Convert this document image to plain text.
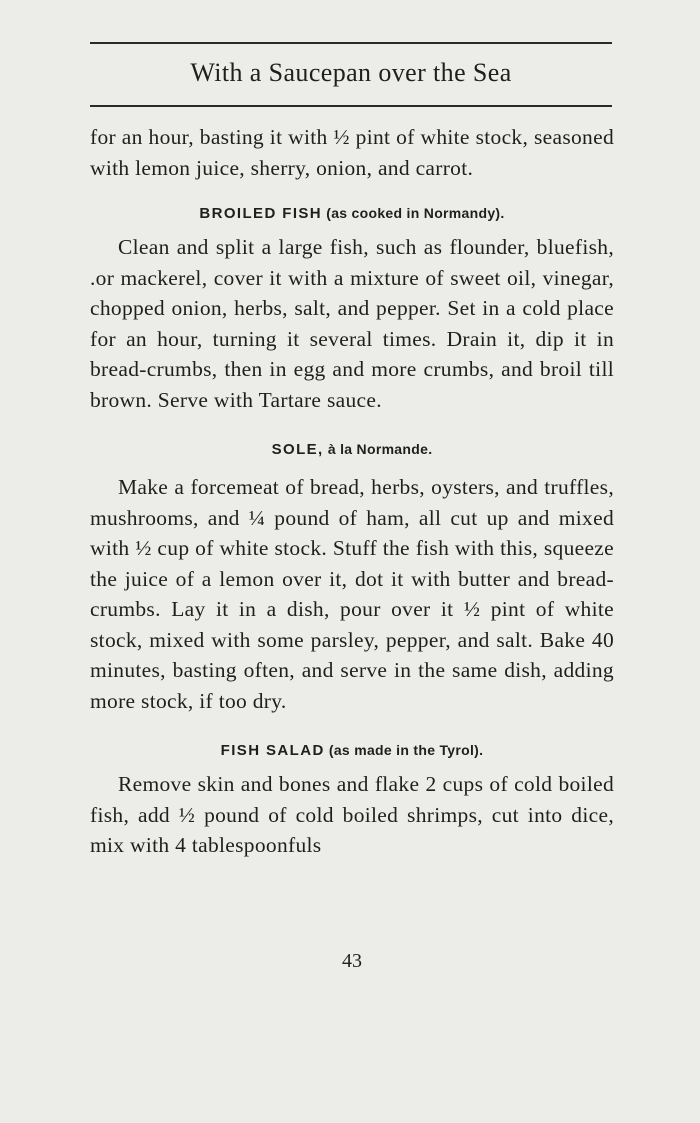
With a Saucepan over the Sea

for an hour, basting it with ½ pint of white stock, seasoned with lemon juice, sherry, onion, and carrot.

BROILED FISH (as cooked in Normandy).

Clean and split a large fish, such as flounder, bluefish, .or mackerel, cover it with a mixture of sweet oil, vinegar, chopped onion, herbs, salt, and pepper. Set in a cold place for an hour, turning it several times. Drain it, dip it in bread-crumbs, then in egg and more crumbs, and broil till brown. Serve with Tartare sauce.

SOLE, à la Normande.

Make a forcemeat of bread, herbs, oysters, and truffles, mushrooms, and ¼ pound of ham, all cut up and mixed with ½ cup of white stock. Stuff the fish with this, squeeze the juice of a lemon over it, dot it with butter and bread-crumbs. Lay it in a dish, pour over it ½ pint of white stock, mixed with some parsley, pepper, and salt. Bake 40 minutes, basting often, and serve in the same dish, adding more stock, if too dry.

FISH SALAD (as made in the Tyrol).

Remove skin and bones and flake 2 cups of cold boiled fish, add ½ pound of cold boiled shrimps, cut into dice, mix with 4 tablespoonfuls

43
